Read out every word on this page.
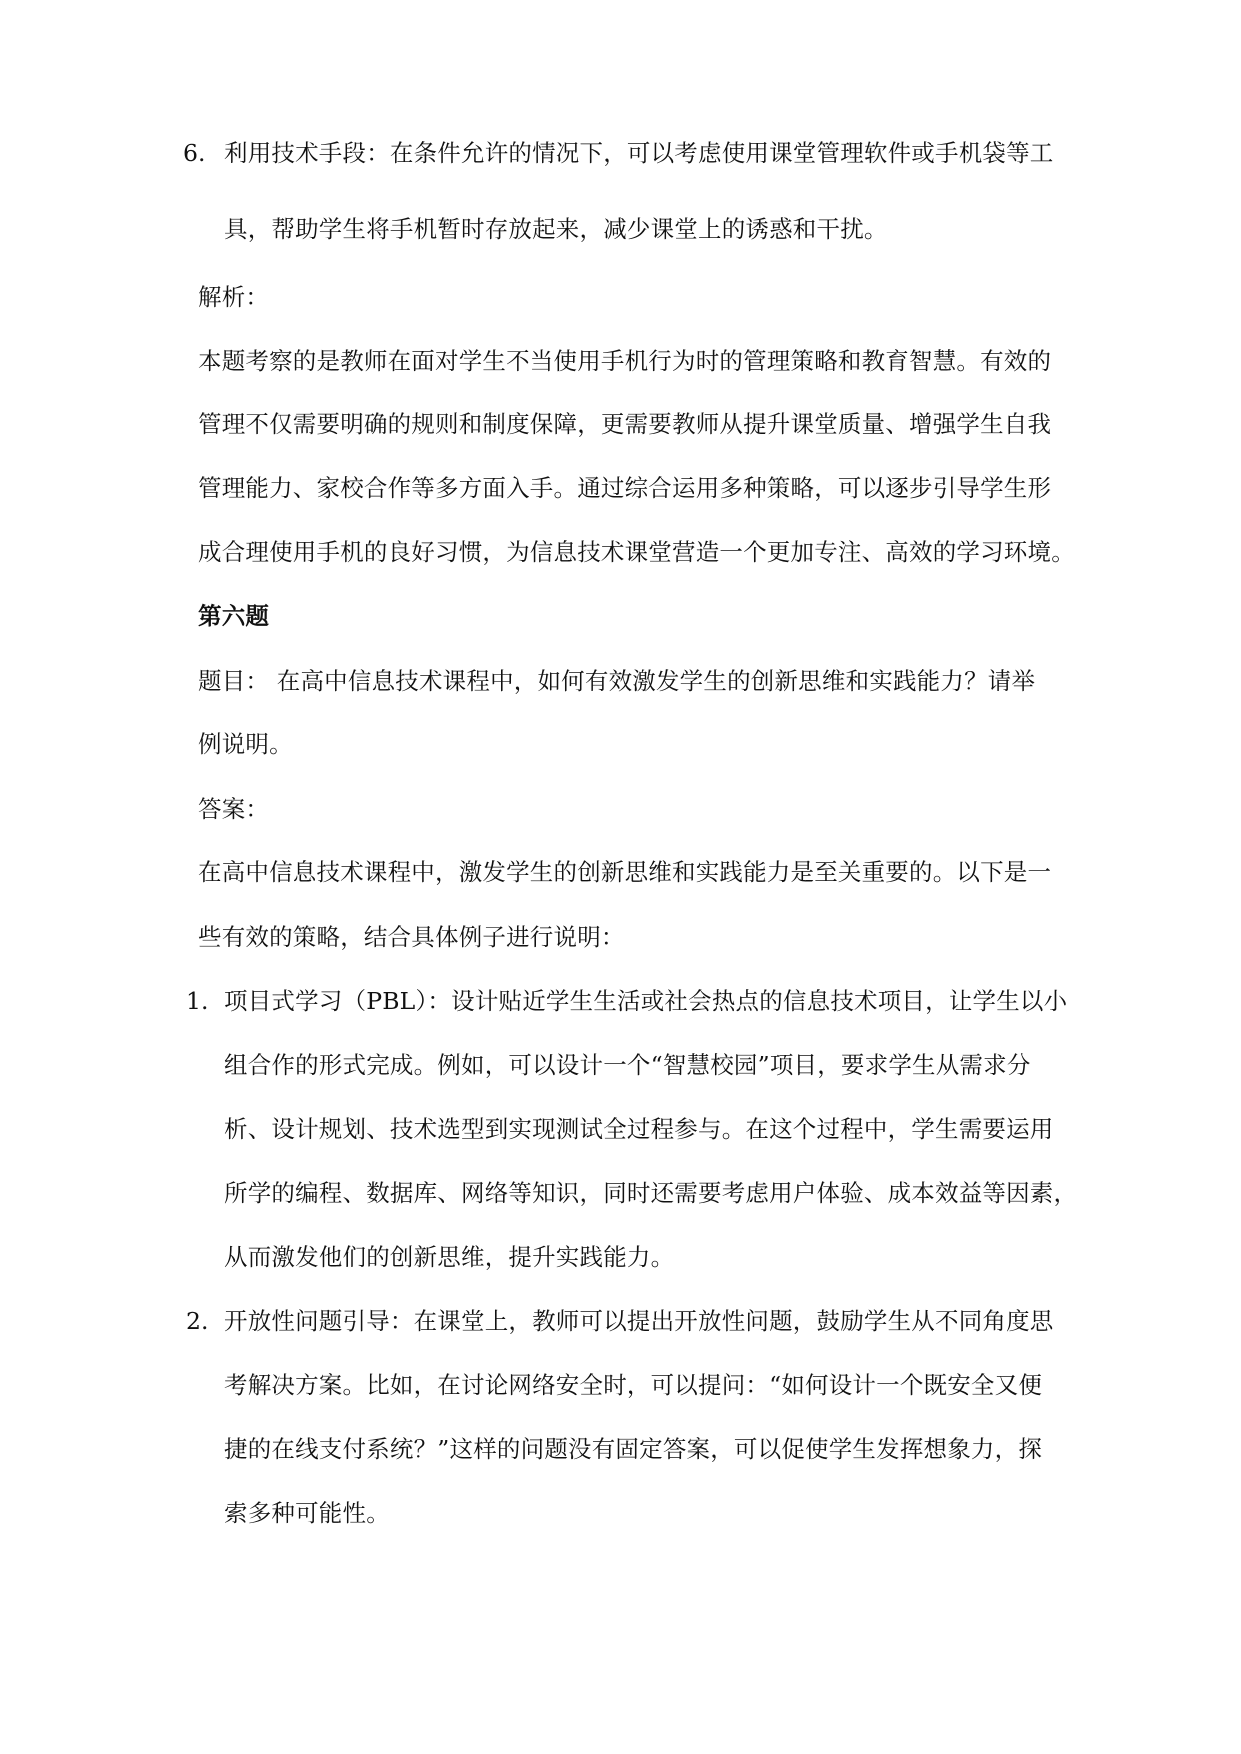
6. 利用技术手段：在条件允许的情况下，可以考虑使用课堂管理软件或手机袋等工
具，帮助学生将手机暂时存放起来，减少课堂上的诱惑和干扰。
解析：
本题考察的是教师在面对学生不当使用手机行为时的管理策略和教育智慧。有效的
管理不仅需要明确的规则和制度保障，更需要教师从提升课堂质量、增强学生自我
管理能力、家校合作等多方面入手。通过综合运用多种策略，可以逐步引导学生形
成合理使用手机的良好习惯，为信息技术课堂营造一个更加专注、高效的学习环境。
第六题
题目： 在高中信息技术课程中，如何有效激发学生的创新思维和实践能力？请举
例说明。
答案：
在高中信息技术课程中，激发学生的创新思维和实践能力是至关重要的。以下是一
些有效的策略，结合具体例子进行说明：
1. 项目式学习（PBL）：设计贴近学生生活或社会热点的信息技术项目，让学生以小
组合作的形式完成。例如，可以设计一个“智慧校园”项目，要求学生从需求分
析、设计规划、技术选型到实现测试全过程参与。在这个过程中，学生需要运用
所学的编程、数据库、网络等知识，同时还需要考虑用户体验、成本效益等因素，
从而激发他们的创新思维，提升实践能力。
2. 开放性问题引导：在课堂上，教师可以提出开放性问题，鼓励学生从不同角度思
考解决方案。比如，在讨论网络安全时，可以提问：“如何设计一个既安全又便
捷的在线支付系统？”这样的问题没有固定答案，可以促使学生发挥想象力，探
索多种可能性。
